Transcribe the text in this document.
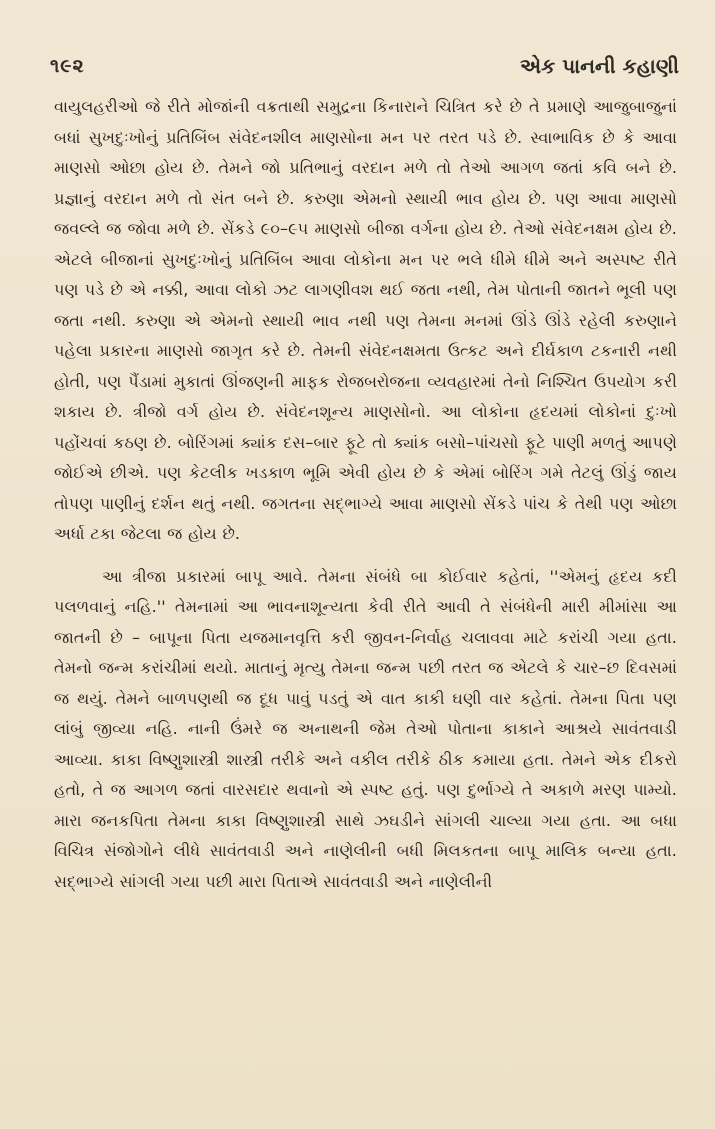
૧૯૨	એક પાનની કહાણી

વાયુલહરીઓ જે રીતે મોજાંની વક્રતાથી સમુદ્રના કિનારાને ચિત્રિત કરે છે તે પ્રમાણે આજુબાજુનાં બધાં સુખદુઃખોનું પ્રતિબિંબ સંવેદનશીલ માણસોના મન પર તરત પડે છે. સ્વાભાવિક છે કે આવા માણસો ઓછા હોય છે. તેમને જો પ્રતિભાનું વરદાન મળે તો તેઓ આગળ જતાં કવિ બને છે. પ્રજ્ઞાનું વરદાન મળે તો સંત બને છે. કરુણા એમનો સ્થાયી ભાવ હોય છે. પણ આવા માણસો જવલ્લે જ જોવા મળે છે. સેંકડે ૯૦–૯૫ માણસો બીજા વર્ગના હોય છે. તેઓ સંવેદનક્ષમ હોય છે. એટલે બીજાનાં સુખદુઃખોનું પ્રતિબિંબ આવા લોકોના મન પર ભલે ધીમે ધીમે અને અસ્પષ્ટ રીતે પણ પડે છે એ નક્કી, આવા લોકો ઝટ લાગણીવશ થઈ જતા નથી, તેમ પોતાની જાતને ભૂલી પણ જતા નથી. કરુણા એ એમનો સ્થાયી ભાવ નથી પણ તેમના મનમાં ઊંડે ઊંડે રહેલી કરુણાને પહેલા પ્રકારના માણસો જાગૃત કરે છે. તેમની સંવેદનક્ષમતા ઉત્કટ અને દીર્ઘકાળ ટકનારી નથી હોતી, પણ પૈંડામાં મુકાતાં ઊંજણની માફક રોજબરોજના વ્યવહારમાં તેનો નિશ્ચિત ઉપયોગ કરી શકાય છે. ત્રીજો વર્ગ હોય છે. સંવેદનશૂન્ય માણસોનો. આ લોકોના હૃદયમાં લોકોનાં દુઃખો પહોંચવાં કઠણ છે. બોરિંગમાં ક્યાંક દસ–બાર ફૂટે તો ક્યાંક બસો–પાંચસો ફૂટે પાણી મળતું આપણે જોઈએ છીએ. પણ કેટલીક ખડકાળ ભૂમિ એવી હોય છે કે એમાં બોરિંગ ગમે તેટલું ઊંડું જાય તોપણ પાણીનું દર્શન થતું નથી. જગતના સદ્ભાગ્યે આવા માણસો સેંકડે પાંચ કે તેથી પણ ઓછા અર્ધા ટકા જેટલા જ હોય છે.

આ ત્રીજા પ્રકારમાં બાપૂ આવે. તેમના સંબંધે બા કોઈવાર કહેતાં, ''એમનું હૃદય કદી પલળવાનું નહિ.'' તેમનામાં આ ભાવનાશૂન્યતા કેવી રીતે આવી તે સંબંધેની મારી મીમાંસા આ જાતની છે – બાપૂના પિતા યજમાનવૃત્તિ કરી જીવન-નિર્વાહ ચલાવવા માટે કરાંચી ગયા હતા. તેમનો જન્મ કરાંચીમાં થયો. માતાનું મૃત્યુ તેમના જન્મ પછી તરત જ એટલે કે ચાર–છ દિવસમાં જ થયું. તેમને બાળપણથી જ દૂધ પાવું પડતું એ વાત કાકી ઘણી વાર કહેતાં. તેમના પિતા પણ લાંબું જીવ્યા નહિ. નાની ઉંમરે જ અનાથની જેમ તેઓ પોતાના કાકાને આશ્રયે સાવંતવાડી આવ્યા. કાકા વિષ્ણુશાસ્ત્રી શાસ્ત્રી તરીકે અને વકીલ તરીકે ઠીક કમાયા હતા. તેમને એક દીકરો હતો, તે જ આગળ જતાં વારસદાર થવાનો એ સ્પષ્ટ હતું. પણ દુર્ભાગ્યે તે અકાળે મરણ પામ્યો. મારા જનકપિતા તેમના કાકા વિષ્ણુશાસ્ત્રી સાથે ઝઘડીને સાંગલી ચાલ્યા ગયા હતા. આ બધા વિચિત્ર સંજોગોને લીધે સાવંતવાડી અને નાણેલીની બધી મિલકતના બાપૂ માલિક બન્યા હતા. સદ્ભાગ્યે સાંગલી ગયા પછી મારા પિતાએ સાવંતવાડી અને નાણેલીની
